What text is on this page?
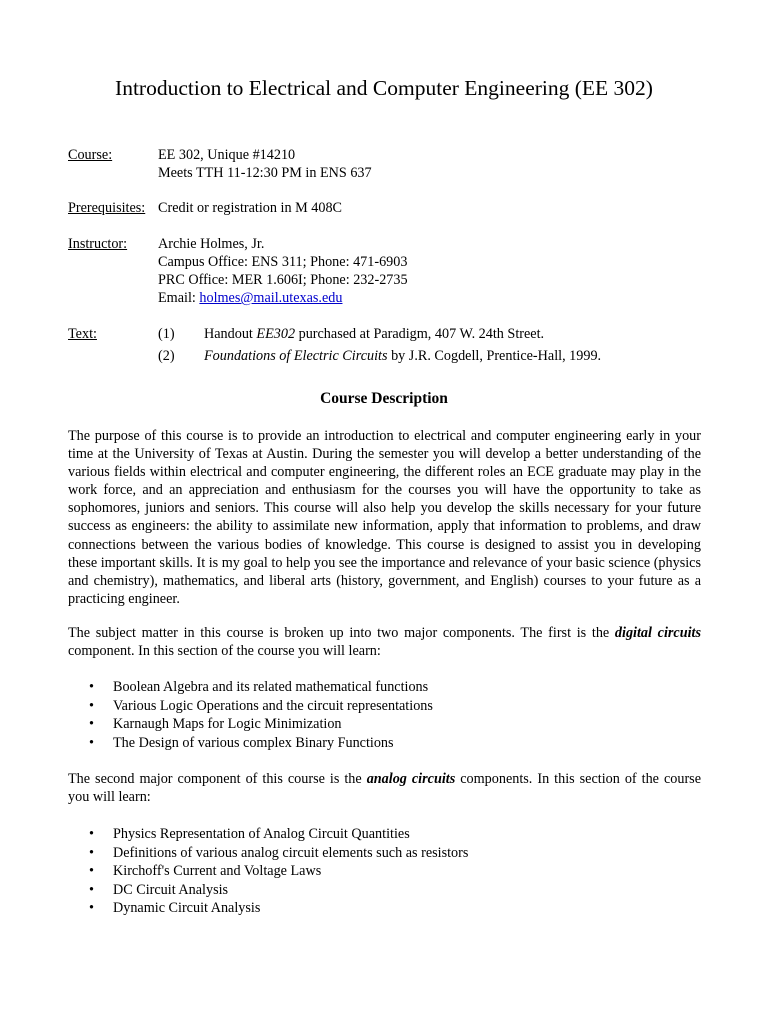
Introduction to Electrical and Computer Engineering (EE 302)
Course:	EE 302, Unique #14210
Meets TTH 11-12:30 PM in ENS 637
Prerequisites: Credit or registration in M 408C
Instructor: Archie Holmes, Jr.
Campus Office: ENS 311; Phone: 471-6903
PRC Office: MER 1.606I; Phone: 232-2735
Email: holmes@mail.utexas.edu
Text:	(1) Handout EE302 purchased at Paradigm, 407 W. 24th Street.
(2) Foundations of Electric Circuits by J.R. Cogdell, Prentice-Hall, 1999.
Course Description
The purpose of this course is to provide an introduction to electrical and computer engineering early in your time at the University of Texas at Austin. During the semester you will develop a better understanding of the various fields within electrical and computer engineering, the different roles an ECE graduate may play in the work force, and an appreciation and enthusiasm for the courses you will have the opportunity to take as sophomores, juniors and seniors. This course will also help you develop the skills necessary for your future success as engineers: the ability to assimilate new information, apply that information to problems, and draw connections between the various bodies of knowledge. This course is designed to assist you in developing these important skills. It is my goal to help you see the importance and relevance of your basic science (physics and chemistry), mathematics, and liberal arts (history, government, and English) courses to your future as a practicing engineer.
The subject matter in this course is broken up into two major components. The first is the digital circuits component. In this section of the course you will learn:
• Boolean Algebra and its related mathematical functions
• Various Logic Operations and the circuit representations
• Karnaugh Maps for Logic Minimization
• The Design of various complex Binary Functions
The second major component of this course is the analog circuits components. In this section of the course you will learn:
• Physics Representation of Analog Circuit Quantities
• Definitions of various analog circuit elements such as resistors
• Kirchoff's Current and Voltage Laws
• DC Circuit Analysis
• Dynamic Circuit Analysis
